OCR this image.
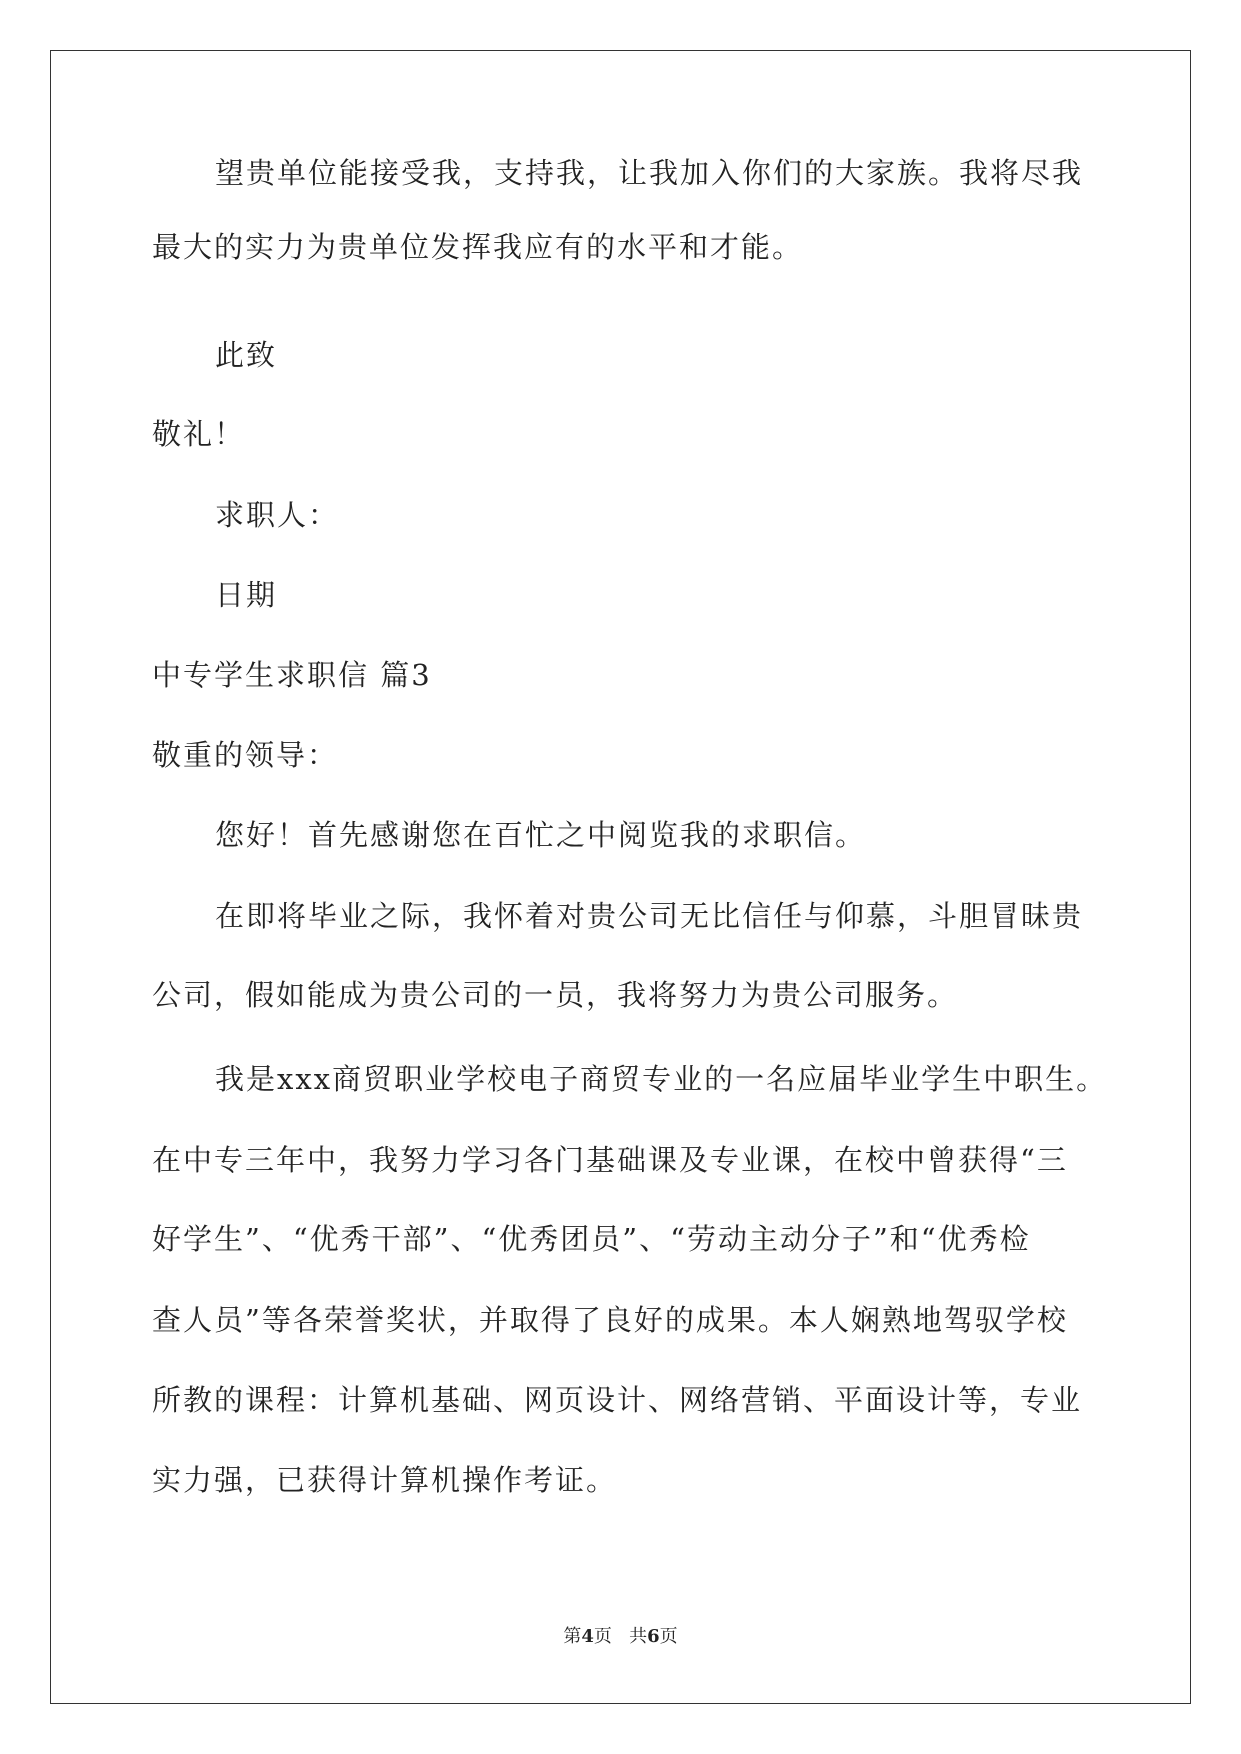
望贵单位能接受我，支持我，让我加入你们的大家族。我将尽我
最大的实力为贵单位发挥我应有的水平和才能。
此致
敬礼！
求职人：
日期
中专学生求职信 篇3
敬重的领导：
您好！首先感谢您在百忙之中阅览我的求职信。
在即将毕业之际，我怀着对贵公司无比信任与仰慕，斗胆冒昧贵
公司，假如能成为贵公司的一员，我将努力为贵公司服务。
我是xxx商贸职业学校电子商贸专业的一名应届毕业学生中职生。
在中专三年中，我努力学习各门基础课及专业课，在校中曾获得“三
好学生”、“优秀干部”、“优秀团员”、“劳动主动分子”和“优秀检
查人员”等各荣誉奖状，并取得了良好的成果。本人娴熟地驾驭学校
所教的课程：计算机基础、网页设计、网络营销、平面设计等，专业
实力强，已获得计算机操作考证。
第4页 共6页
